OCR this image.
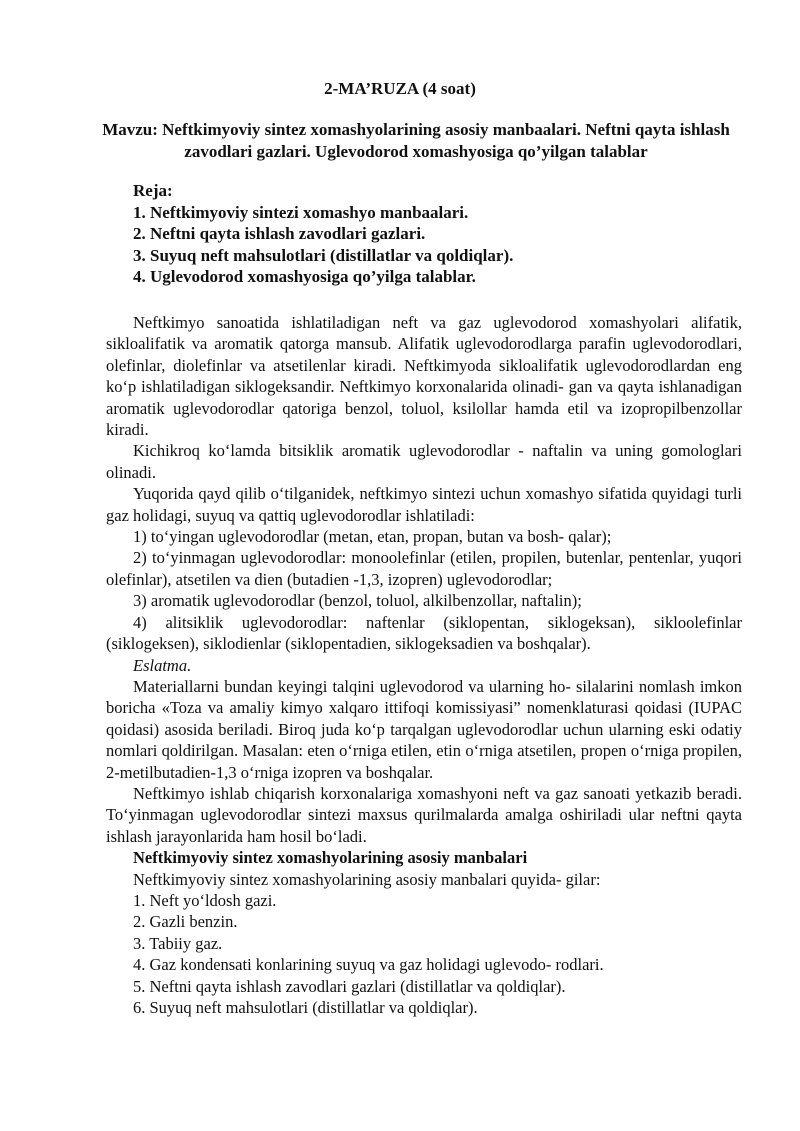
2-MA’RUZA (4 soat)
Mavzu: Neftkimyoviy sintez xomashyolarining asosiy manbaalari. Neftni qayta ishlash zavodlari gazlari. Uglevodorod xomashyosiga qo’yilgan talablar
Reja:
1. Neftkimyoviy sintezi xomashyo manbaalari.
2. Neftni qayta ishlash zavodlari gazlari.
3. Suyuq neft mahsulotlari (distillatlar va qoldiqlar).
4. Uglevodorod xomashyosiga qo’yilga talablar.

Neftkimyo sanoatida ishlatiladigan neft va gaz uglevodorod xomashyolari alifatik, sikloalifatik va aromatik qatorga mansub. Alifatik uglevodorodlarga parafin uglevodorodlari, olefinlar, diolefinlar va atsetilenlar kiradi. Neftkimyoda sikloalifatik uglevodorodlardan eng ko‘p ishlatiladigan siklogeksandir. Neftkimyo korxonalarida olinadi- gan va qayta ishlanadigan aromatik uglevodorodlar qatoriga benzol, toluol, ksilollar hamda etil va izopropilbenzollar kiradi.

Kichikroq ko‘lamda bitsiklik aromatik uglevodorodlar - naftalin va uning gomologlari olinadi.

Yuqorida qayd qilib o‘tilganidek, neftkimyo sintezi uchun xomashyo sifatida quyidagi turli gaz holidagi, suyuq va qattiq uglevodorodlar ishlatiladi:

1) to‘yingan uglevodorodlar (metan, etan, propan, butan va bosh- qalar);

2) to‘yinmagan uglevodorodlar: monoolefinlar (etilen, propilen, butenlar, pentenlar, yuqori olefinlar), atsetilen va dien (butadien -1,3, izopren) uglevodorodlar;

3) aromatik uglevodorodlar (benzol, toluol, alkilbenzollar, naftalin);

4) alitsiklik uglevodorodlar: naftenlar (siklopentan, siklogeksan), sikloolefinlar (siklogeksen), siklodienlar (siklopentadien, siklogeksadien va boshqalar).

Eslatma.

Materiallarni bundan keyingi talqini uglevodorod va ularning ho- silalarini nomlash imkon boricha «Toza va amaliy kimyo xalqaro ittifoqi komissiyasi” nomenklaturasi qoidasi (IUPAC qoidasi) asosida beriladi. Biroq juda ko‘p tarqalgan uglevodorodlar uchun ularning eski odatiy nomlari qoldirilgan. Masalan: eten o‘rniga etilen, etin o‘rniga atsetilen, propen o‘rniga propilen, 2-metilbutadien-1,3 o‘rniga izopren va boshqalar.

Neftkimyo ishlab chiqarish korxonalariga xomashyoni neft va gaz sanoati yetkazib beradi. To‘yinmagan uglevodorodlar sintezi maxsus qurilmalarda amalga oshiriladi ular neftni qayta ishlash jarayonlarida ham hosil bo‘ladi.

Neftkimyoviy sintez xomashyolarining asosiy manbalari

Neftkimyoviy sintez xomashyolarining asosiy manbalari quyida- gilar:

1. Neft yo‘ldosh gazi.

2. Gazli benzin.

3. Tabiiy gaz.

4. Gaz kondensati konlarining suyuq va gaz holidagi uglevodo- rodlari.

5. Neftni qayta ishlash zavodlari gazlari (distillatlar va qoldiqlar).

6. Suyuq neft mahsulotlari (distillatlar va qoldiqlar).
